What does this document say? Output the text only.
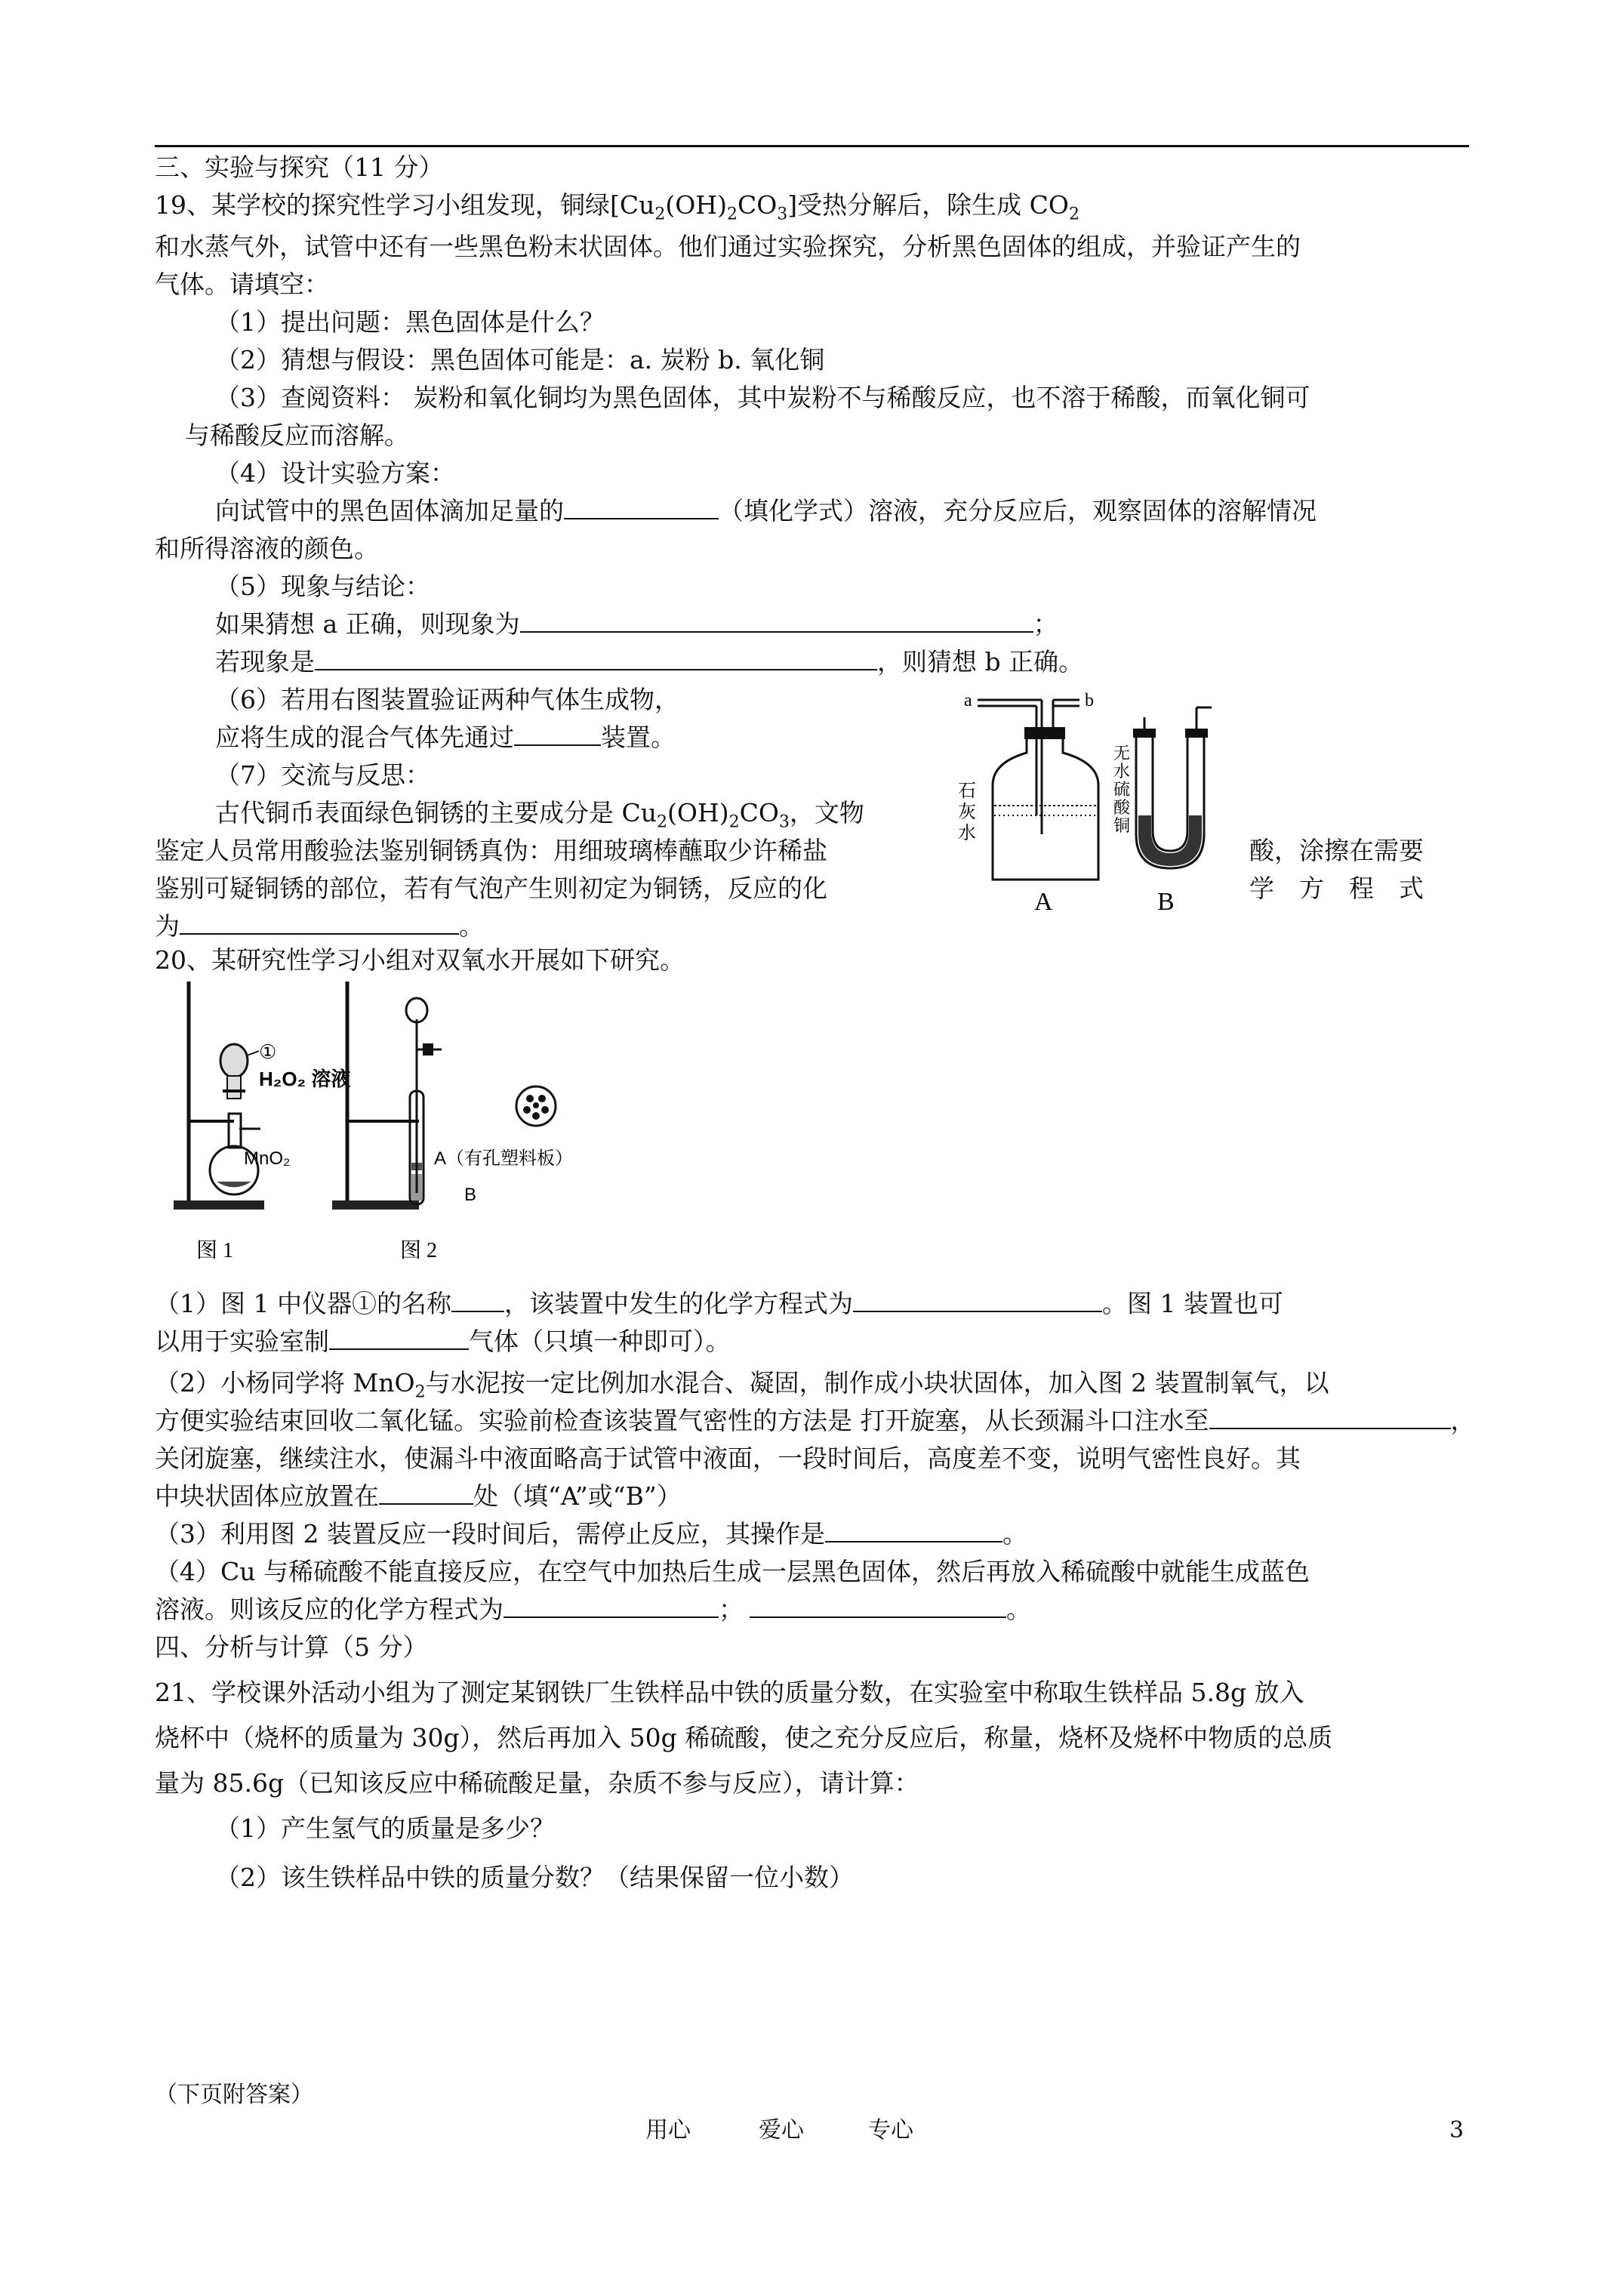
三、实验与探究（11 分）
19、某学校的探究性学习小组发现，铜绿$[Cu_2(OH)_2CO_3]$受热分解后，除生成 $CO_2$
和水蒸气外，试管中还有一些黑色粉末状固体。他们通过实验探究，分析黑色固体的组成，并验证产生的
气体。请填空：
（1）提出问题：黑色固体是什么？
（2）猜想与假设：黑色固体可能是：a. 炭粉 b. 氧化铜
（3）查阅资料： 炭粉和氧化铜均为黑色固体，其中炭粉不与稀酸反应，也不溶于稀酸，而氧化铜可
与稀酸反应而溶解。
（4）设计实验方案：
向试管中的黑色固体滴加足量的	（填化学式）溶液，充分反应后，观察固体的溶解情况
和所得溶液的颜色。
（5）现象与结论：
如果猜想 a 正确，则现象为	；
若现象是	，则猜想 b 正确。
（6）若用右图装置验证两种气体生成物，
应将生成的混合气体先通过	装置。
（7）交流与反思：
古代铜币表面绿色铜锈的主要成分是 $Cu_2(OH)_2CO_3$，文物
鉴定人员常用酸验法鉴别铜锈真伪：用细玻璃棒蘸取少许稀盐	酸，涂擦在需要
鉴别可疑铜锈的部位，若有气泡产生则初定为铜锈，反应的化	学　方　程　式
为	。
a	b
石灰水
A
无水硫酸铜
B
20、某研究性学习小组对双氧水开展如下研究。
①
H₂O₂ 溶液
MnO₂
图 1
A（有孔塑料板）
B
图 2
（1）图 1 中仪器①的名称 ，该装置中发生的化学方程式为	。图 1 装置也可
以用于实验室制	气体（只填一种即可）。
（2）小杨同学将 MnO$_2$与水泥按一定比例加水混合、凝固，制作成小块状固体，加入图 2 装置制氧气，以
方便实验结束回收二氧化锰。实验前检查该装置气密性的方法是 打开旋塞，从长颈漏斗口注水至	，
关闭旋塞，继续注水，使漏斗中液面略高于试管中液面，一段时间后，高度差不变，说明气密性良好。其
中块状固体应放置在	处（填“A”或“B”）
（3）利用图 2 装置反应一段时间后，需停止反应，其操作是	。
（4）Cu 与稀硫酸不能直接反应，在空气中加热后生成一层黑色固体，然后再放入稀硫酸中就能生成蓝色
溶液。则该反应的化学方程式为	；	。
四、分析与计算（5 分）
21、学校课外活动小组为了测定某钢铁厂生铁样品中铁的质量分数，在实验室中称取生铁样品 5.8g 放入
烧杯中（烧杯的质量为 30g），然后再加入 50g 稀硫酸，使之充分反应后，称量，烧杯及烧杯中物质的总质
量为 85.6g（已知该反应中稀硫酸足量，杂质不参与反应），请计算：
（1）产生氢气的质量是多少？
（2）该生铁样品中铁的质量分数？（结果保留一位小数）
（下页附答案）
用心	爱心	专心	3
